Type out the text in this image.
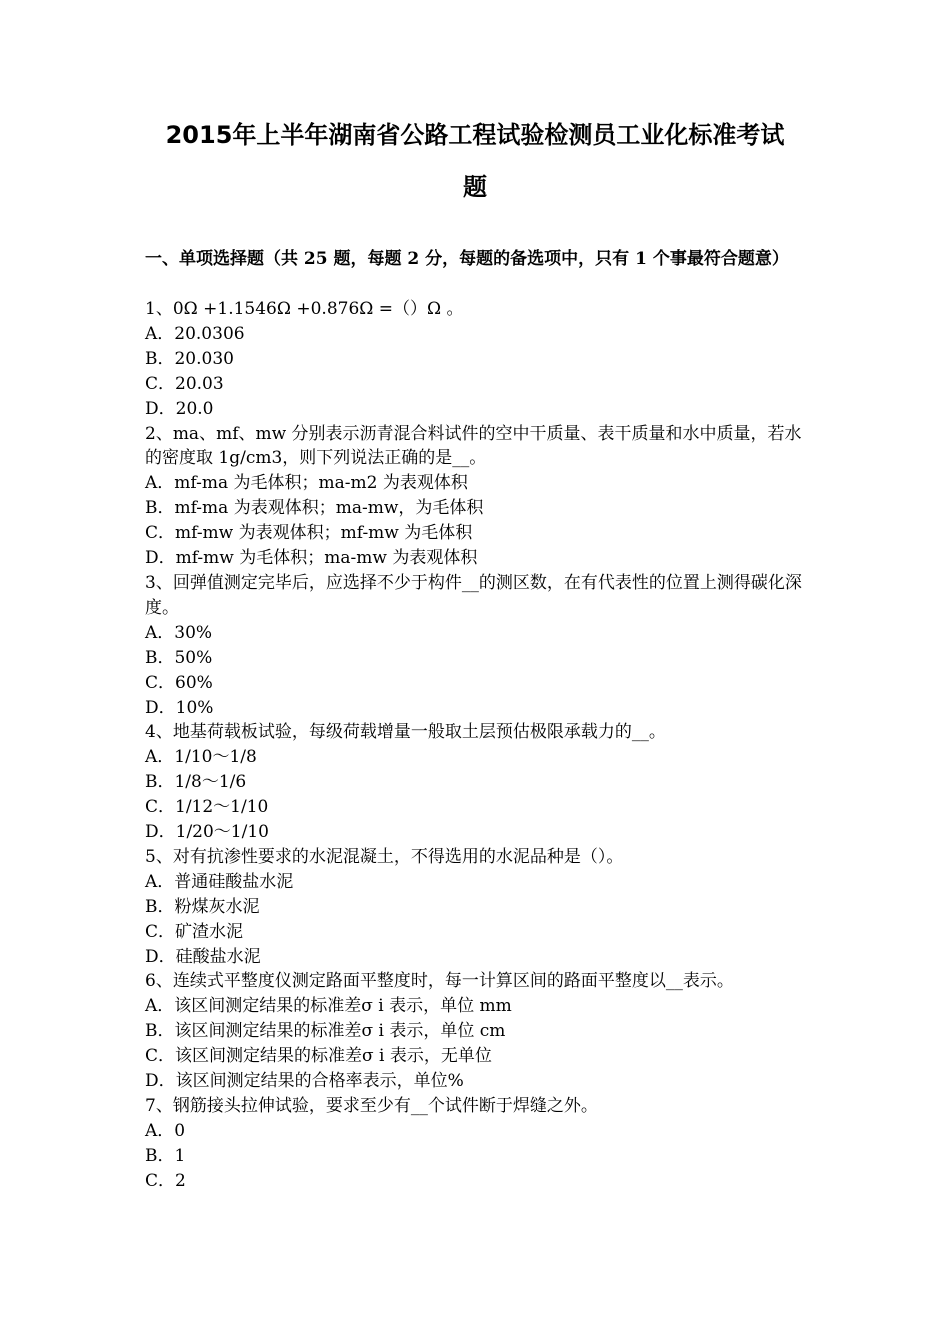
2015年上半年湖南省公路工程试验检测员工业化标准考试
题

一、单项选择题（共 25 题，每题 2 分，每题的备选项中，只有 1 个事最符合题意）

1、0Ω +1.1546Ω +0.876Ω =（）Ω 。
A．20.0306
B．20.030
C．20.03
D．20.0
2、ma、mf、mw 分别表示沥青混合料试件的空中干质量、表干质量和水中质量，若水的密度取 1g/cm3，则下列说法正确的是__。
A．mf-ma 为毛体积；ma-m2 为表观体积
B．mf-ma 为表观体积；ma-mw，为毛体积
C．mf-mw 为表观体积；mf-mw 为毛体积
D．mf-mw 为毛体积；ma-mw 为表观体积
3、回弹值测定完毕后，应选择不少于构件__的测区数，在有代表性的位置上测得碳化深度。
A．30%
B．50%
C．60%
D．10%
4、地基荷载板试验，每级荷载增量一般取土层预估极限承载力的__。
A．1/10～1/8
B．1/8～1/6
C．1/12～1/10
D．1/20～1/10
5、对有抗渗性要求的水泥混凝土，不得选用的水泥品种是（）。
A．普通硅酸盐水泥
B．粉煤灰水泥
C．矿渣水泥
D．硅酸盐水泥
6、连续式平整度仪测定路面平整度时，每一计算区间的路面平整度以__表示。
A．该区间测定结果的标准差σ i 表示，单位 mm
B．该区间测定结果的标准差σ i 表示，单位 cm
C．该区间测定结果的标准差σ i 表示，无单位
D．该区间测定结果的合格率表示，单位%
7、钢筋接头拉伸试验，要求至少有__个试件断于焊缝之外。
A．0
B．1
C．2
